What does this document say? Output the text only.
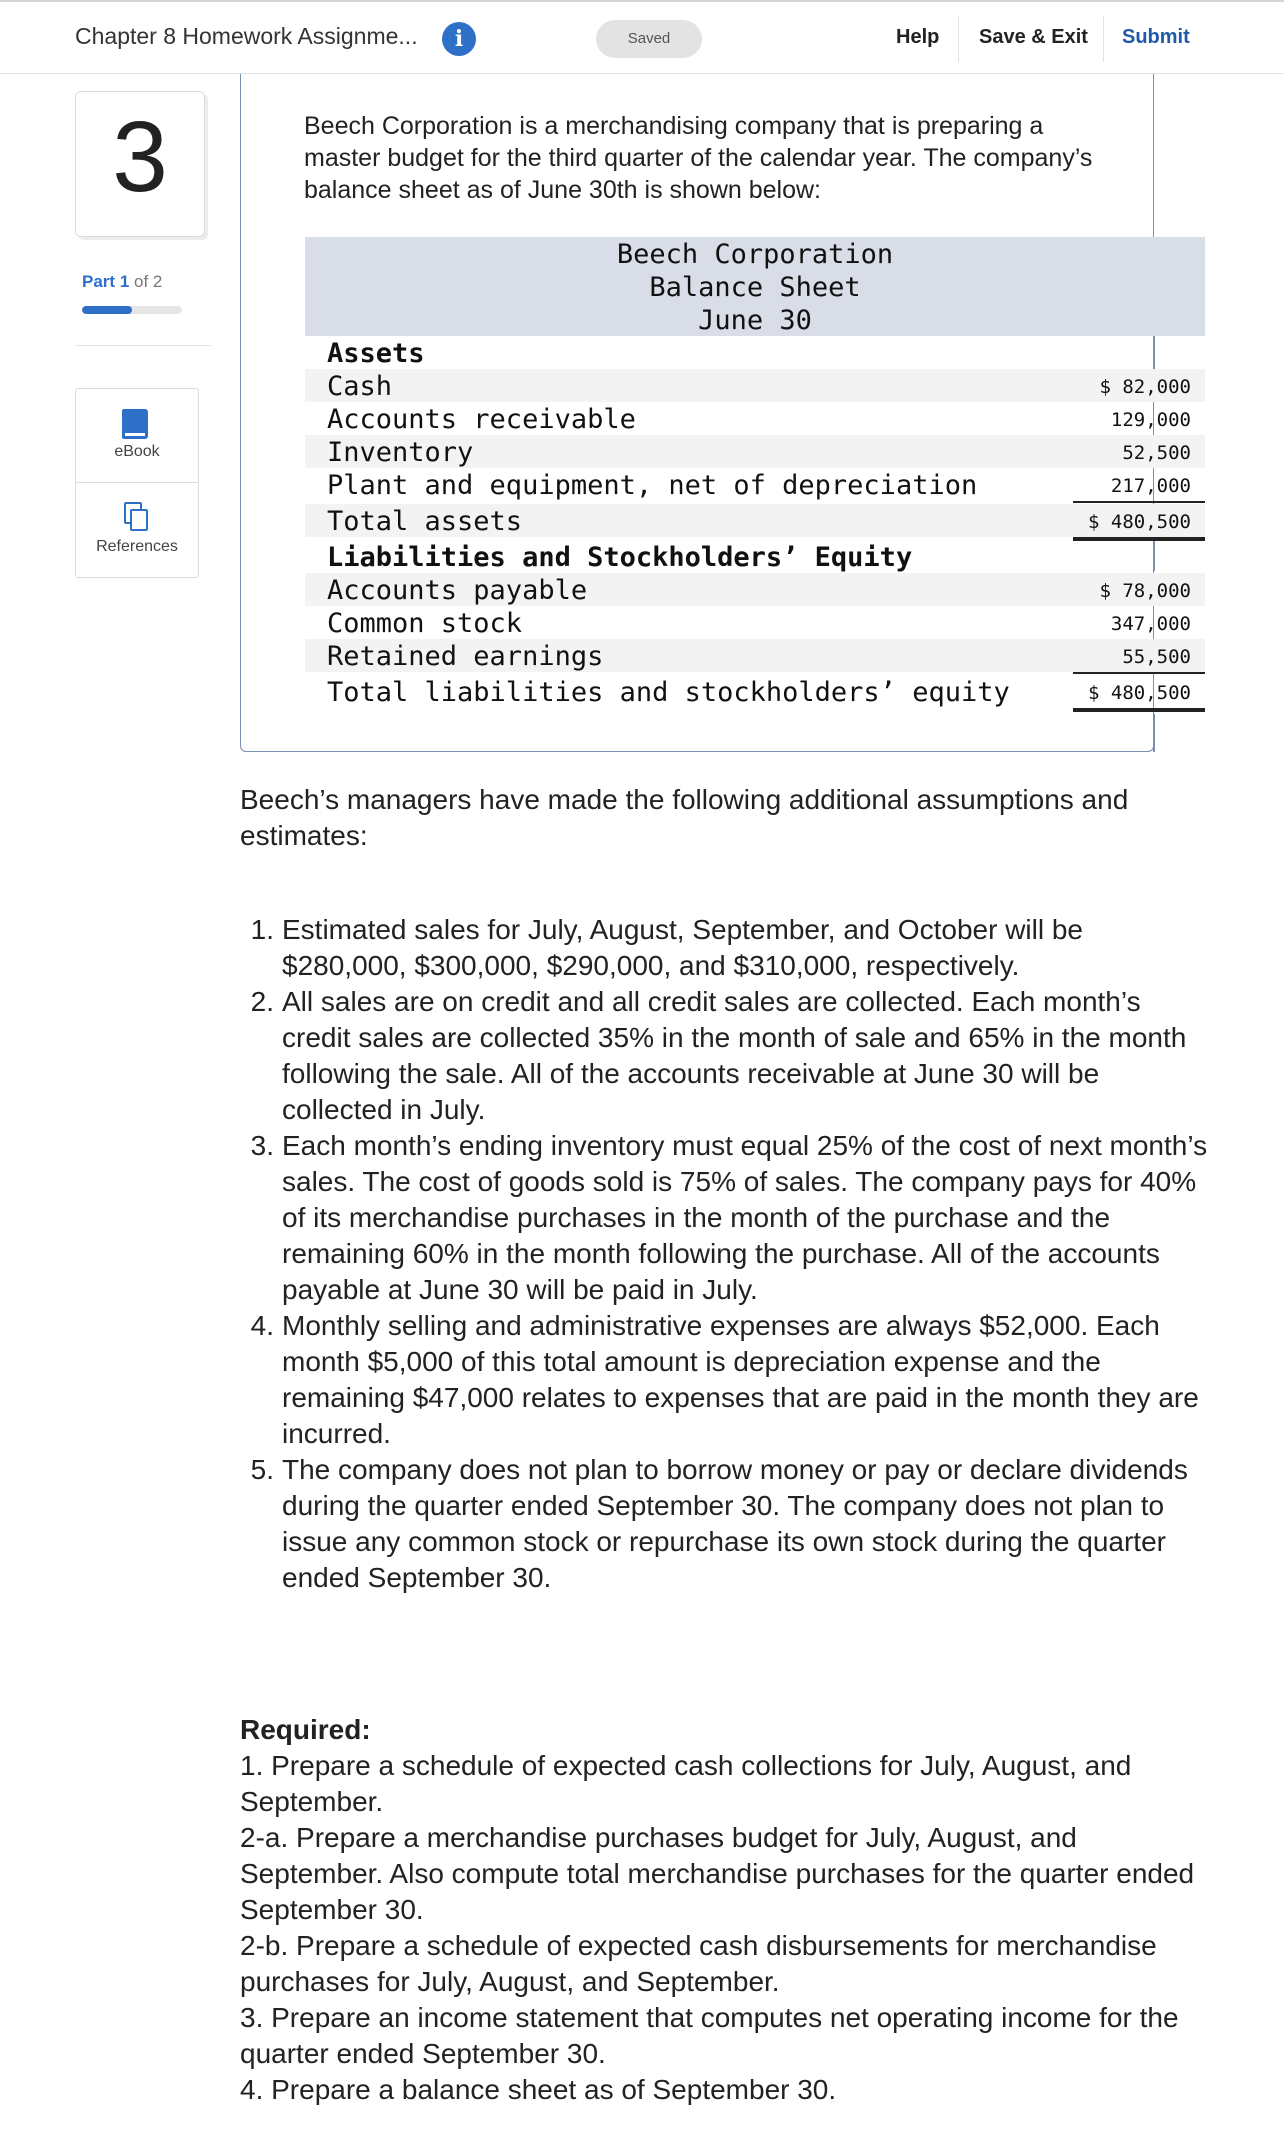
Chapter 8 Homework Assignme...	i	Saved	Help Save & Exit Submit
3
Part 1 of 2
eBook
References
Beech Corporation is a merchandising company that is preparing a master budget for the third quarter of the calendar year. The company’s balance sheet as of June 30th is shown below:
Beech Corporation
Balance Sheet
June 30
Assets
Cash	$ 82,000
Accounts receivable	129,000
Inventory	52,500
Plant and equipment, net of depreciation	217,000
Total assets	$ 480,500
Liabilities and Stockholders’ Equity
Accounts payable	$ 78,000
Common stock	347,000
Retained earnings	55,500
Total liabilities and stockholders’ equity	$ 480,500
Beech’s managers have made the following additional assumptions and estimates:
1. Estimated sales for July, August, September, and October will be $280,000, $300,000, $290,000, and $310,000, respectively.
2. All sales are on credit and all credit sales are collected. Each month’s credit sales are collected 35% in the month of sale and 65% in the month following the sale. All of the accounts receivable at June 30 will be collected in July.
3. Each month’s ending inventory must equal 25% of the cost of next month’s sales. The cost of goods sold is 75% of sales. The company pays for 40% of its merchandise purchases in the month of the purchase and the remaining 60% in the month following the purchase. All of the accounts payable at June 30 will be paid in July.
4. Monthly selling and administrative expenses are always $52,000. Each month $5,000 of this total amount is depreciation expense and the remaining $47,000 relates to expenses that are paid in the month they are incurred.
5. The company does not plan to borrow money or pay or declare dividends during the quarter ended September 30. The company does not plan to issue any common stock or repurchase its own stock during the quarter ended September 30.
Required:
1. Prepare a schedule of expected cash collections for July, August, and September.
2-a. Prepare a merchandise purchases budget for July, August, and September. Also compute total merchandise purchases for the quarter ended September 30.
2-b. Prepare a schedule of expected cash disbursements for merchandise purchases for July, August, and September.
3. Prepare an income statement that computes net operating income for the quarter ended September 30.
4. Prepare a balance sheet as of September 30.
